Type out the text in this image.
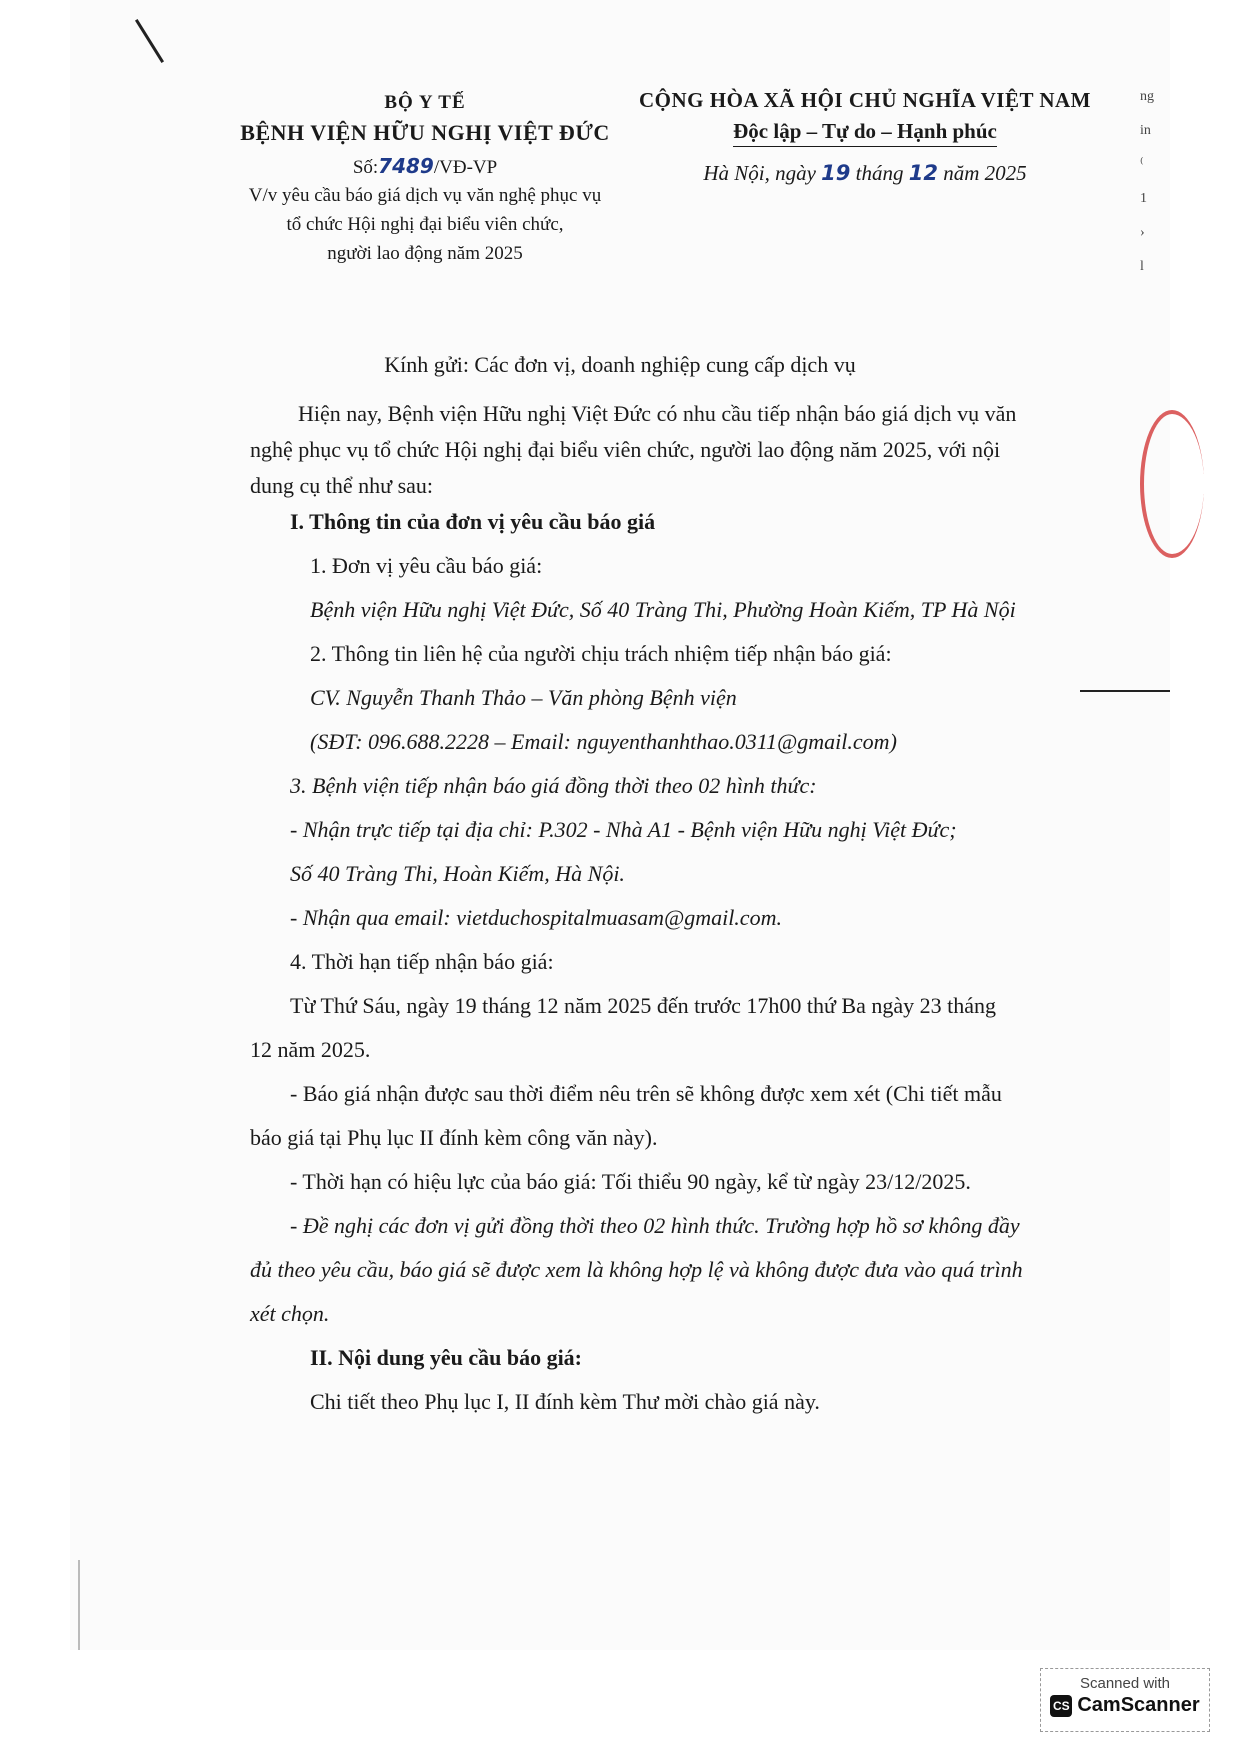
BỘ Y TẾ
BỆNH VIỆN HỮU NGHỊ VIỆT ĐỨC
Số:7489/VĐ-VP
V/v yêu cầu báo giá dịch vụ văn nghệ phục vụ
tổ chức Hội nghị đại biểu viên chức,
người lao động năm 2025
CỘNG HÒA XÃ HỘI CHỦ NGHĨA VIỆT NAM
Độc lập – Tự do – Hạnh phúc
Hà Nội, ngày 19 tháng 12 năm 2025
ng
in
⁽
1
›
l
Kính gửi: Các đơn vị, doanh nghiệp cung cấp dịch vụ

Hiện nay, Bệnh viện Hữu nghị Việt Đức có nhu cầu tiếp nhận báo giá dịch vụ văn

nghệ phục vụ tổ chức Hội nghị đại biểu viên chức, người lao động năm 2025, với nội

dung cụ thể như sau:

I. Thông tin của đơn vị yêu cầu báo giá

1. Đơn vị yêu cầu báo giá:

Bệnh viện Hữu nghị Việt Đức, Số 40 Tràng Thi, Phường Hoàn Kiếm, TP Hà Nội

2. Thông tin liên hệ của người chịu trách nhiệm tiếp nhận báo giá:

CV. Nguyễn Thanh Thảo – Văn phòng Bệnh viện

(SĐT: 096.688.2228 – Email: nguyenthanhthao.0311@gmail.com)

3. Bệnh viện tiếp nhận báo giá đồng thời theo 02 hình thức:

- Nhận trực tiếp tại địa chỉ: P.302 - Nhà A1 - Bệnh viện Hữu nghị Việt Đức;

Số 40 Tràng Thi, Hoàn Kiếm, Hà Nội.

- Nhận qua email: vietduchospitalmuasam@gmail.com.

4. Thời hạn tiếp nhận báo giá:

Từ Thứ Sáu, ngày 19 tháng 12 năm 2025 đến trước 17h00 thứ Ba ngày 23 tháng

12 năm 2025.

- Báo giá nhận được sau thời điểm nêu trên sẽ không được xem xét (Chi tiết mẫu

báo giá tại Phụ lục II đính kèm công văn này).

- Thời hạn có hiệu lực của báo giá: Tối thiểu 90 ngày, kể từ ngày 23/12/2025.

- Đề nghị các đơn vị gửi đồng thời theo 02 hình thức. Trường hợp hồ sơ không đầy

đủ theo yêu cầu, báo giá sẽ được xem là không hợp lệ và không được đưa vào quá trình

xét chọn.

II. Nội dung yêu cầu báo giá:

Chi tiết theo Phụ lục I, II đính kèm Thư mời chào giá này.

Scanned with
CS CamScanner
